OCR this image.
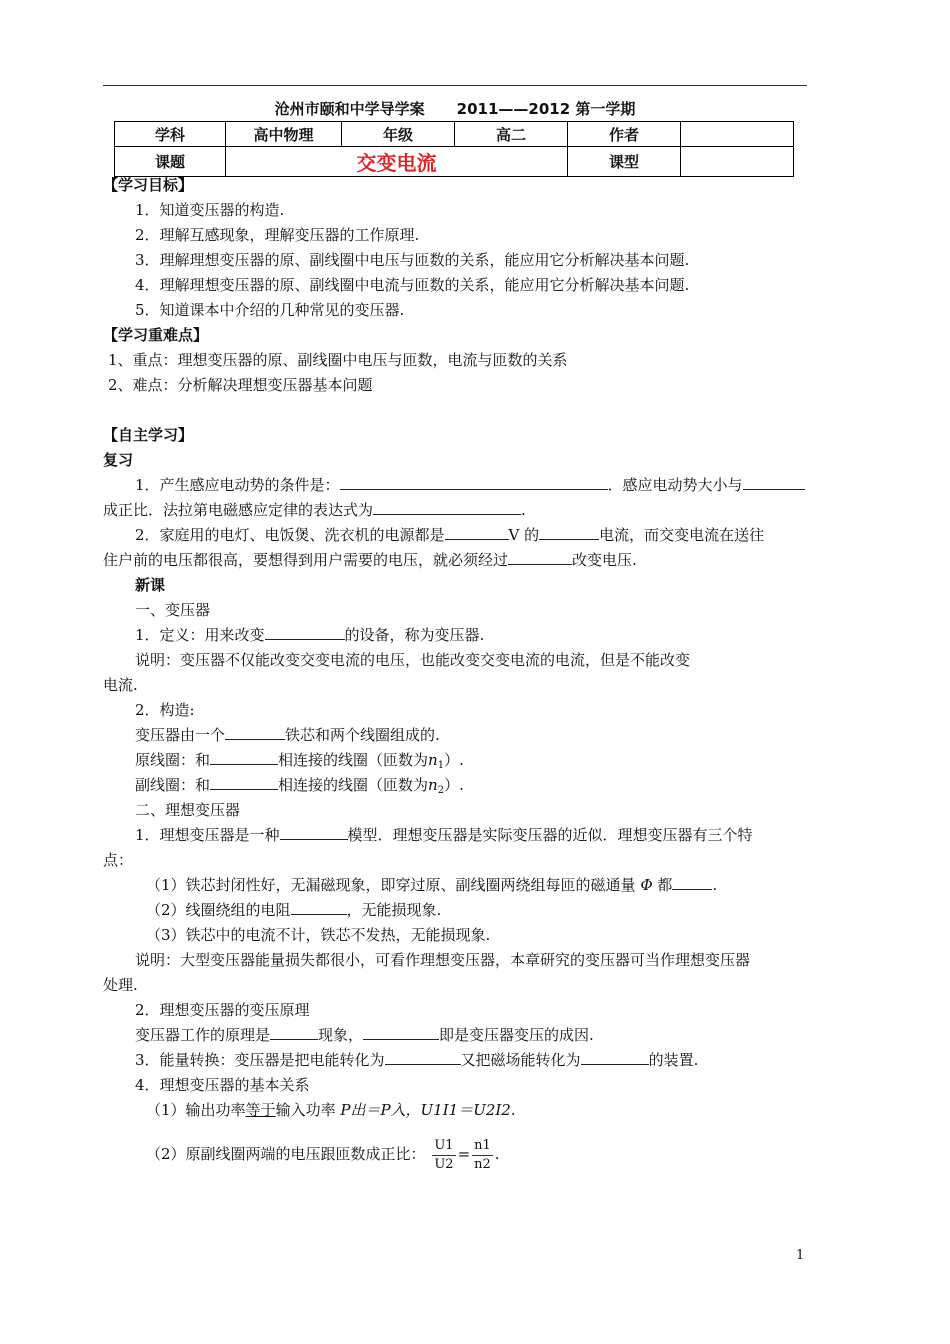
沧州市颐和中学导学案 2011——2012 第一学期
学科	高中物理	年级	高二	作者	
课题	交变电流			课型	
【学习目标】
1．知道变压器的构造.
2．理解互感现象，理解变压器的工作原理.
3．理解理想变压器的原、副线圈中电压与匝数的关系，能应用它分析解决基本问题.
4．理解理想变压器的原、副线圈中电流与匝数的关系，能应用它分析解决基本问题.
5．知道课本中介绍的几种常见的变压器.
【学习重难点】
1、重点：理想变压器的原、副线圈中电压与匝数，电流与匝数的关系
2、难点：分析解决理想变压器基本问题
【自主学习】
复习
1．产生感应电动势的条件是：	．感应电动势大小与
成正比．法拉第电磁感应定律的表达式为	.
2．家庭用的电灯、电饭煲、洗衣机的电源都是	V 的	电流，而交变电流在送往
住户前的电压都很高，要想得到用户需要的电压，就必须经过	改变电压.
新课
一、变压器
1．定义：用来改变	的设备，称为变压器.
说明：变压器不仅能改变交变电流的电压，也能改变交变电流的电流，但是不能改变
电流.
2．构造:
变压器由一个	铁芯和两个线圈组成的.
原线圈：和	相连接的线圈（匝数为$n_1$）.
副线圈：和	相连接的线圈（匝数为$n_2$）.
二、理想变压器
1．理想变压器是一种	模型．理想变压器是实际变压器的近似．理想变压器有三个特
点：
（1）铁芯封闭性好，无漏磁现象，即穿过原、副线圈两绕组每匝的磁通量 Φ 都	.
（2）线圈绕组的电阻	，无能损现象.
（3）铁芯中的电流不计，铁芯不发热，无能损现象.
说明：大型变压器能量损失都很小，可看作理想变压器，本章研究的变压器可当作理想变压器
处理.
2．理想变压器的变压原理
变压器工作的原理是	现象，	即是变压器变压的成因.
3．能量转换：变压器是把电能转化为	又把磁场能转化为	的装置.
4．理想变压器的基本关系
（1）输出功率等于输入功率 P出＝P入，U1I1＝U2I2.
（2）原副线圈两端的电压跟匝数成正比： $\frac{U1}{U2} = \frac{n1}{n2}$ .
1
